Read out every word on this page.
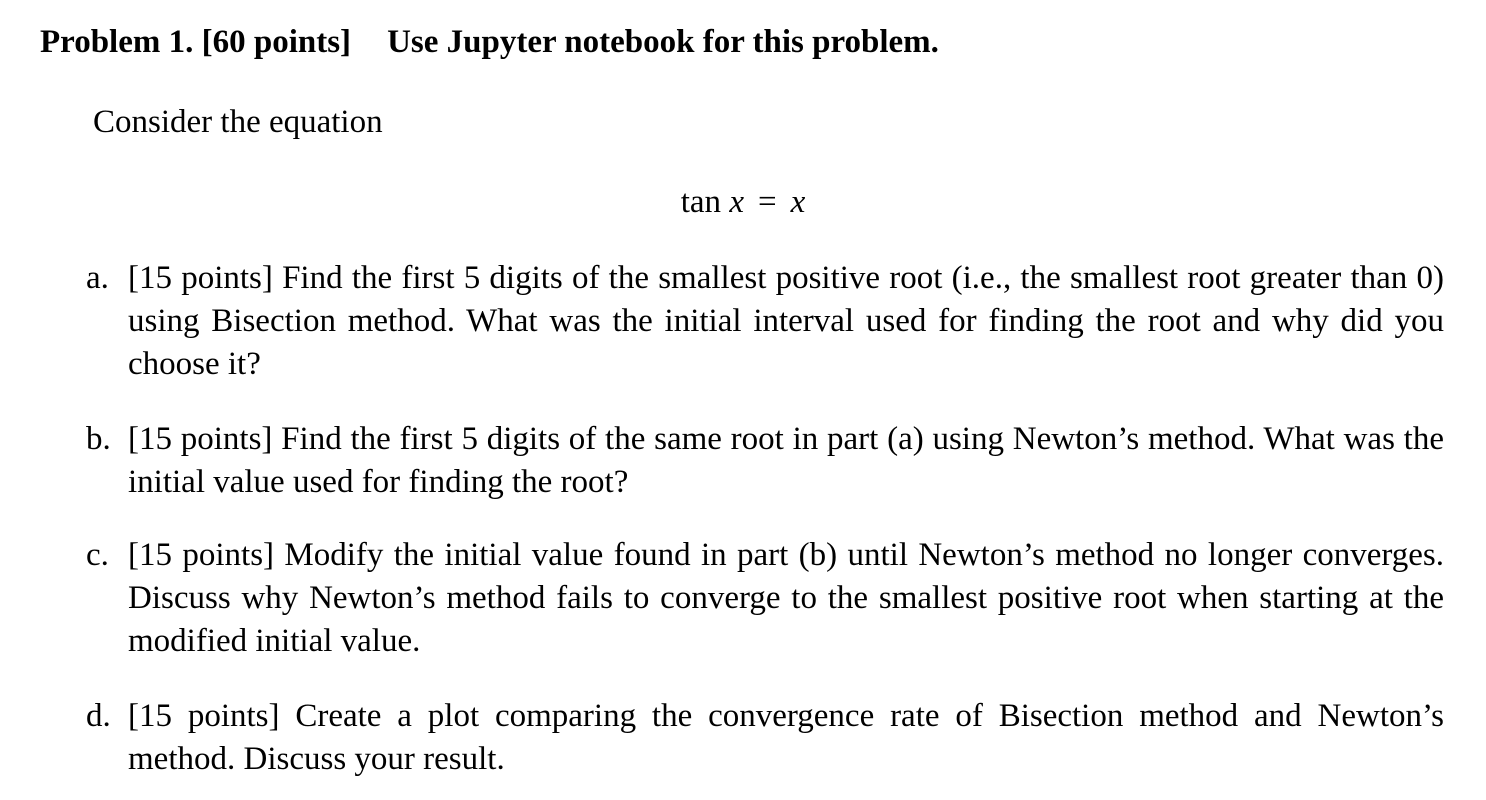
Problem 1. [60 points] Use Jupyter notebook for this problem.
Consider the equation
tan x = x
a. [15 points] Find the first 5 digits of the smallest positive root (i.e., the smallest root greater than 0) using Bisection method. What was the initial interval used for finding the root and why did you choose it?
b. [15 points] Find the first 5 digits of the same root in part (a) using Newton’s method. What was the initial value used for finding the root?
c. [15 points] Modify the initial value found in part (b) until Newton’s method no longer converges. Discuss why Newton’s method fails to converge to the smallest positive root when starting at the modified initial value.
d. [15 points] Create a plot comparing the convergence rate of Bisection method and Newton’s method. Discuss your result.
